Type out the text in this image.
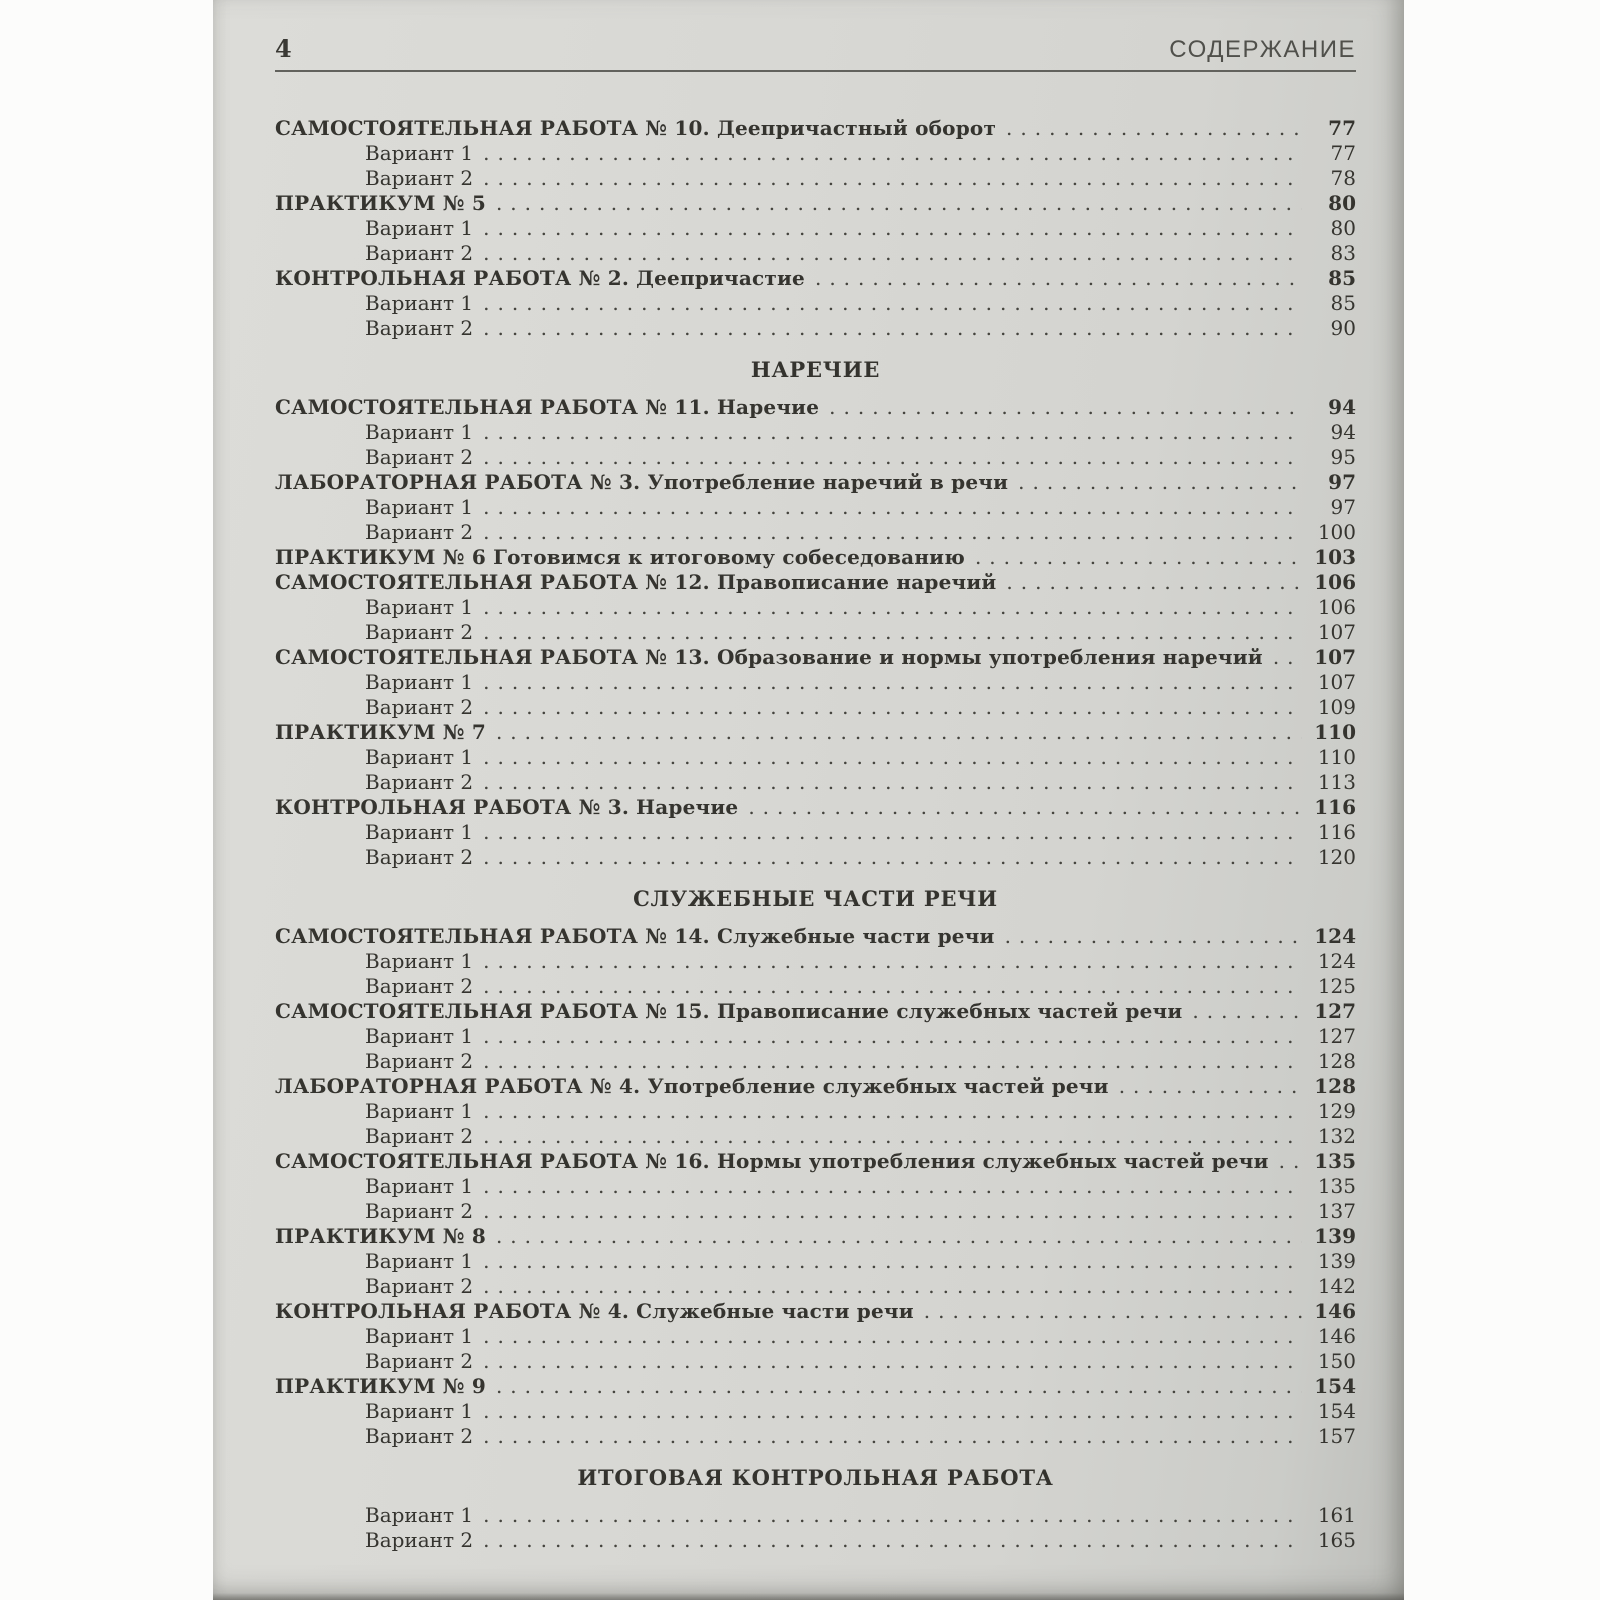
4	СОДЕРЖАНИЕ
САМОСТОЯТЕЛЬНАЯ РАБОТА № 10. Деепричастный оборот .....	77
Вариант 1 .....	77
Вариант 2 .....	78
ПРАКТИКУМ № 5 .....	80
Вариант 1 .....	80
Вариант 2 .....	83
КОНТРОЛЬНАЯ РАБОТА № 2. Деепричастие .....	85
Вариант 1 .....	85
Вариант 2 .....	90
НАРЕЧИЕ
САМОСТОЯТЕЛЬНАЯ РАБОТА № 11. Наречие .....	94
Вариант 1 .....	94
Вариант 2 .....	95
ЛАБОРАТОРНАЯ РАБОТА № 3. Употребление наречий в речи .....	97
Вариант 1 .....	97
Вариант 2 .....	100
ПРАКТИКУМ № 6 Готовимся к итоговому собеседованию .....	103
САМОСТОЯТЕЛЬНАЯ РАБОТА № 12. Правописание наречий .....	106
Вариант 1 .....	106
Вариант 2 .....	107
САМОСТОЯТЕЛЬНАЯ РАБОТА № 13. Образование и нормы употребления наречий .....	107
Вариант 1 .....	107
Вариант 2 .....	109
ПРАКТИКУМ № 7 .....	110
Вариант 1 .....	110
Вариант 2 .....	113
КОНТРОЛЬНАЯ РАБОТА № 3. Наречие .....	116
Вариант 1 .....	116
Вариант 2 .....	120
СЛУЖЕБНЫЕ ЧАСТИ РЕЧИ
САМОСТОЯТЕЛЬНАЯ РАБОТА № 14. Служебные части речи .....	124
Вариант 1 .....	124
Вариант 2 .....	125
САМОСТОЯТЕЛЬНАЯ РАБОТА № 15. Правописание служебных частей речи .....	127
Вариант 1 .....	127
Вариант 2 .....	128
ЛАБОРАТОРНАЯ РАБОТА № 4. Употребление служебных частей речи .....	128
Вариант 1 .....	129
Вариант 2 .....	132
САМОСТОЯТЕЛЬНАЯ РАБОТА № 16. Нормы употребления служебных частей речи .....	135
Вариант 1 .....	135
Вариант 2 .....	137
ПРАКТИКУМ № 8 .....	139
Вариант 1 .....	139
Вариант 2 .....	142
КОНТРОЛЬНАЯ РАБОТА № 4. Служебные части речи .....	146
Вариант 1 .....	146
Вариант 2 .....	150
ПРАКТИКУМ № 9 .....	154
Вариант 1 .....	154
Вариант 2 .....	157
ИТОГОВАЯ КОНТРОЛЬНАЯ РАБОТА
Вариант 1 .....	161
Вариант 2 .....	165
